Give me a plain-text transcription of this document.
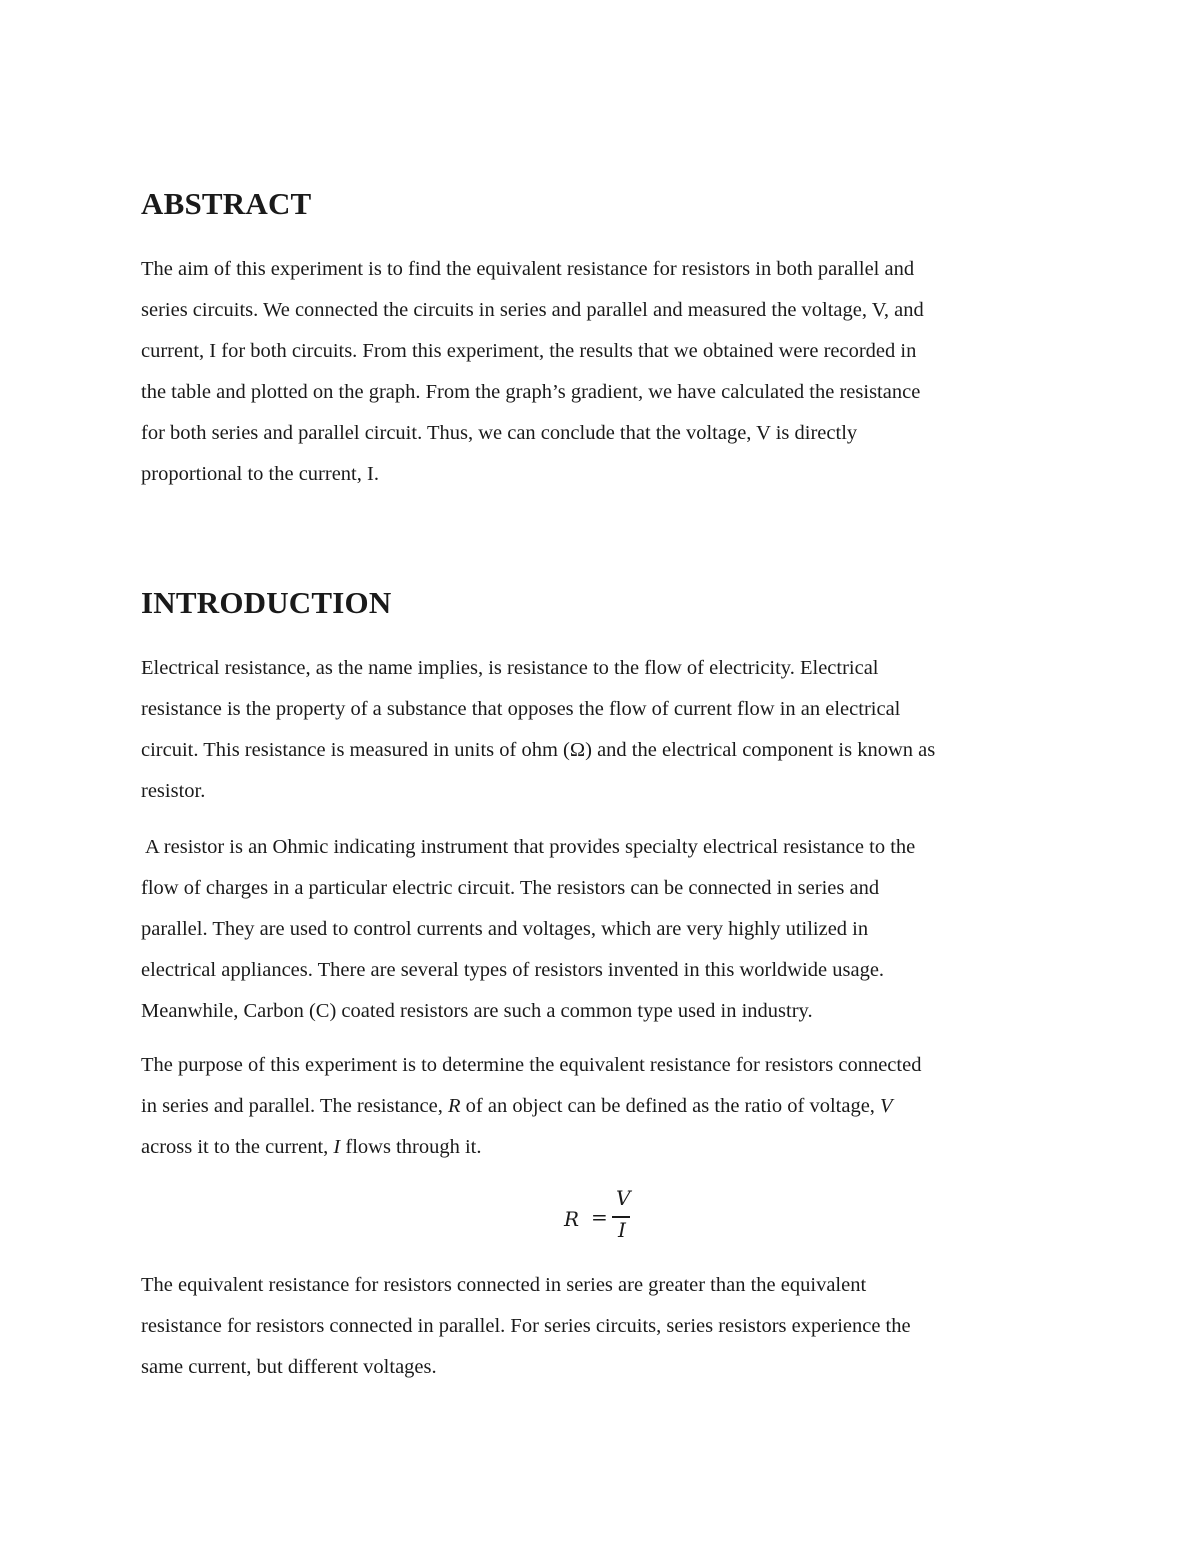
ABSTRACT
The aim of this experiment is to find the equivalent resistance for resistors in both parallel and
series circuits. We connected the circuits in series and parallel and measured the voltage, V, and
current, I for both circuits. From this experiment, the results that we obtained were recorded in
the table and plotted on the graph. From the graph’s gradient, we have calculated the resistance
for both series and parallel circuit. Thus, we can conclude that the voltage, V is directly
proportional to the current, I.
INTRODUCTION
Electrical resistance, as the name implies, is resistance to the flow of electricity. Electrical
resistance is the property of a substance that opposes the flow of current flow in an electrical
circuit. This resistance is measured in units of ohm (Ω) and the electrical component is known as
resistor.
A resistor is an Ohmic indicating instrument that provides specialty electrical resistance to the
flow of charges in a particular electric circuit. The resistors can be connected in series and
parallel. They are used to control currents and voltages, which are very highly utilized in
electrical appliances. There are several types of resistors invented in this worldwide usage.
Meanwhile, Carbon (C) coated resistors are such a common type used in industry.
The purpose of this experiment is to determine the equivalent resistance for resistors connected
in series and parallel. The resistance, R of an object can be defined as the ratio of voltage, V
across it to the current, I flows through it.
R =
V
I
The equivalent resistance for resistors connected in series are greater than the equivalent
resistance for resistors connected in parallel. For series circuits, series resistors experience the
same current, but different voltages.
